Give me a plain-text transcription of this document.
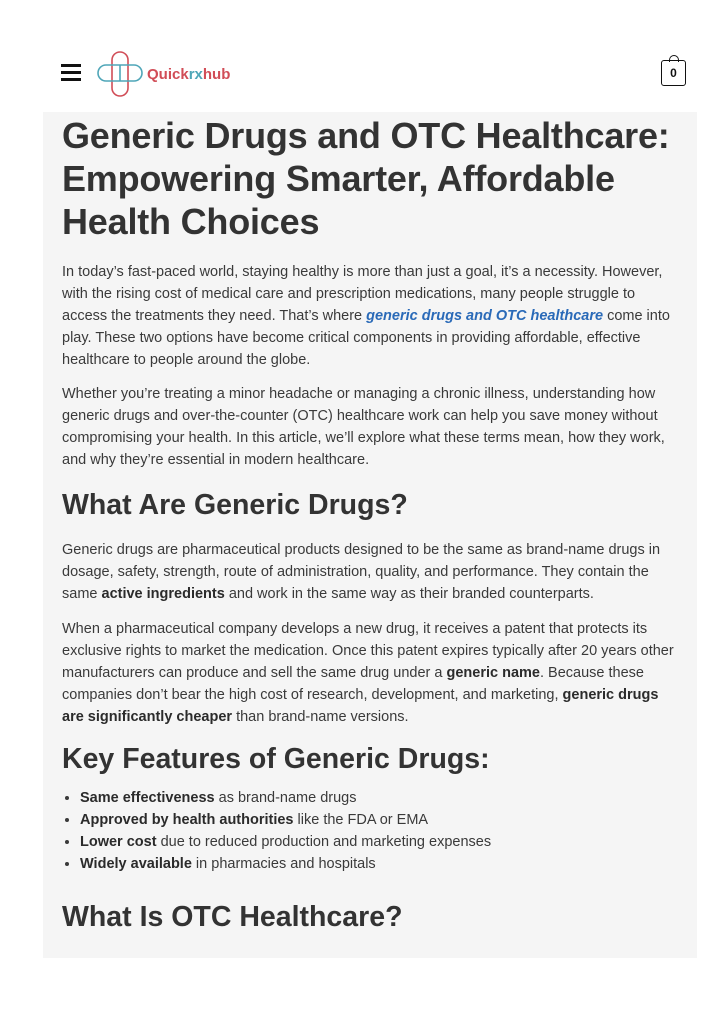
Quickrxhub	0
Generic Drugs and OTC Healthcare: Empowering Smarter, Affordable Health Choices

In today’s fast-paced world, staying healthy is more than just a goal, it’s a necessity. However, with the rising cost of medical care and prescription medications, many people struggle to access the treatments they need. That’s where generic drugs and OTC healthcare come into play. These two options have become critical components in providing affordable, effective healthcare to people around the globe.

Whether you’re treating a minor headache or managing a chronic illness, understanding how generic drugs and over-the-counter (OTC) healthcare work can help you save money without compromising your health. In this article, we’ll explore what these terms mean, how they work, and why they’re essential in modern healthcare.

What Are Generic Drugs?

Generic drugs are pharmaceutical products designed to be the same as brand-name drugs in dosage, safety, strength, route of administration, quality, and performance. They contain the same active ingredients and work in the same way as their branded counterparts.

When a pharmaceutical company develops a new drug, it receives a patent that protects its exclusive rights to market the medication. Once this patent expires typically after 20 years other manufacturers can produce and sell the same drug under a generic name. Because these companies don’t bear the high cost of research, development, and marketing, generic drugs are significantly cheaper than brand-name versions.

Key Features of Generic Drugs:
• Same effectiveness as brand-name drugs
• Approved by health authorities like the FDA or EMA
• Lower cost due to reduced production and marketing expenses
• Widely available in pharmacies and hospitals
What Is OTC Healthcare?
